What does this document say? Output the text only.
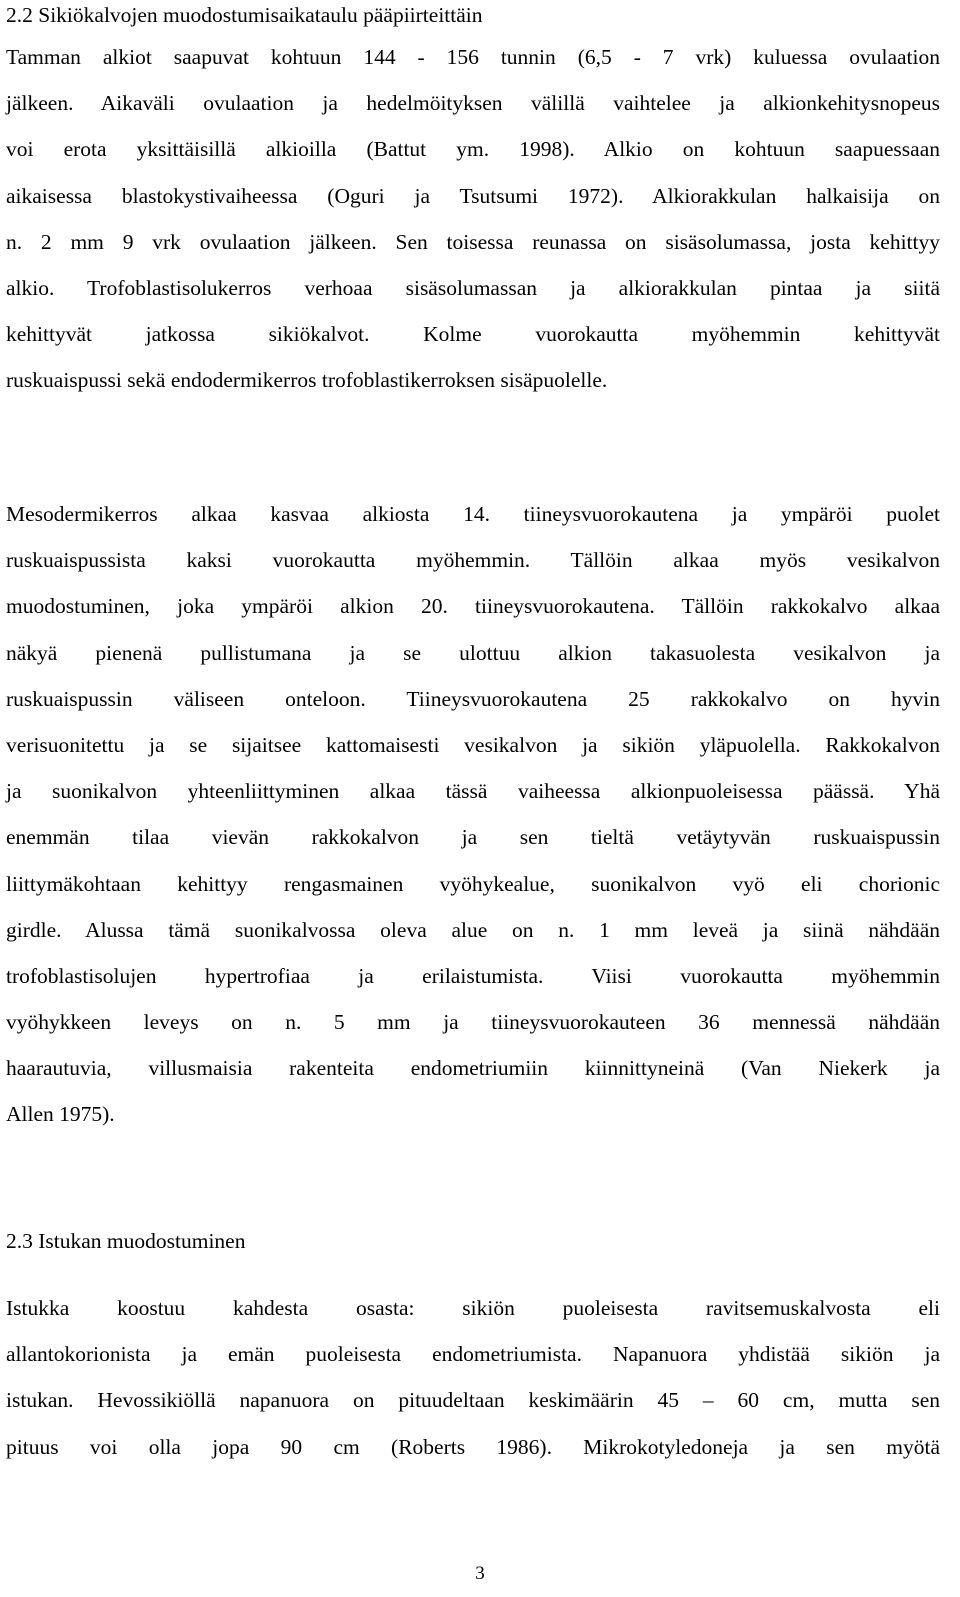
2.2 Sikiökalvojen muodostumisaikataulu pääpiirteittäin
Tamman alkiot saapuvat kohtuun 144 - 156 tunnin (6,5 - 7 vrk) kuluessa ovulaation
jälkeen. Aikaväli ovulaation ja hedelmöityksen välillä vaihtelee ja alkionkehitysnopeus
voi erota yksittäisillä alkioilla (Battut ym. 1998). Alkio on kohtuun saapuessaan
aikaisessa blastokystivaiheessa (Oguri ja Tsutsumi 1972). Alkiorakkulan halkaisija on
n. 2 mm 9 vrk ovulaation jälkeen. Sen toisessa reunassa on sisäsolumassa, josta kehittyy
alkio. Trofoblastisolukerros verhoaa sisäsolumassan ja alkiorakkulan pintaa ja siitä
kehittyvät jatkossa sikiökalvot. Kolme vuorokautta myöhemmin kehittyvät
ruskuaispussi sekä endodermikerros trofoblastikerroksen sisäpuolelle.
Mesodermikerros alkaa kasvaa alkiosta 14. tiineysvuorokautena ja ympäröi puolet
ruskuaispussista kaksi vuorokautta myöhemmin. Tällöin alkaa myös vesikalvon
muodostuminen, joka ympäröi alkion 20. tiineysvuorokautena. Tällöin rakkokalvo alkaa
näkyä pienenä pullistumana ja se ulottuu alkion takasuolesta vesikalvon ja
ruskuaispussin väliseen onteloon. Tiineysvuorokautena 25 rakkokalvo on hyvin
verisuonitettu ja se sijaitsee kattomaisesti vesikalvon ja sikiön yläpuolella. Rakkokalvon
ja suonikalvon yhteenliittyminen alkaa tässä vaiheessa alkionpuoleisessa päässä. Yhä
enemmän tilaa vievän rakkokalvon ja sen tieltä vetäytyvän ruskuaispussin
liittymäkohtaan kehittyy rengasmainen vyöhykealue, suonikalvon vyö eli chorionic
girdle. Alussa tämä suonikalvossa oleva alue on n. 1 mm leveä ja siinä nähdään
trofoblastisolujen hypertrofiaa ja erilaistumista. Viisi vuorokautta myöhemmin
vyöhykkeen leveys on n. 5 mm ja tiineysvuorokauteen 36 mennessä nähdään
haarautuvia, villusmaisia rakenteita endometriumiin kiinnittyneinä (Van Niekerk ja
Allen 1975).
2.3 Istukan muodostuminen
Istukka koostuu kahdesta osasta: sikiön puoleisesta ravitsemuskalvosta eli
allantokorionista ja emän puoleisesta endometriumista. Napanuora yhdistää sikiön ja
istukan. Hevossikiöllä napanuora on pituudeltaan keskimäärin 45 – 60 cm, mutta sen
pituus voi olla jopa 90 cm (Roberts 1986). Mikrokotyledoneja ja sen myötä
3
